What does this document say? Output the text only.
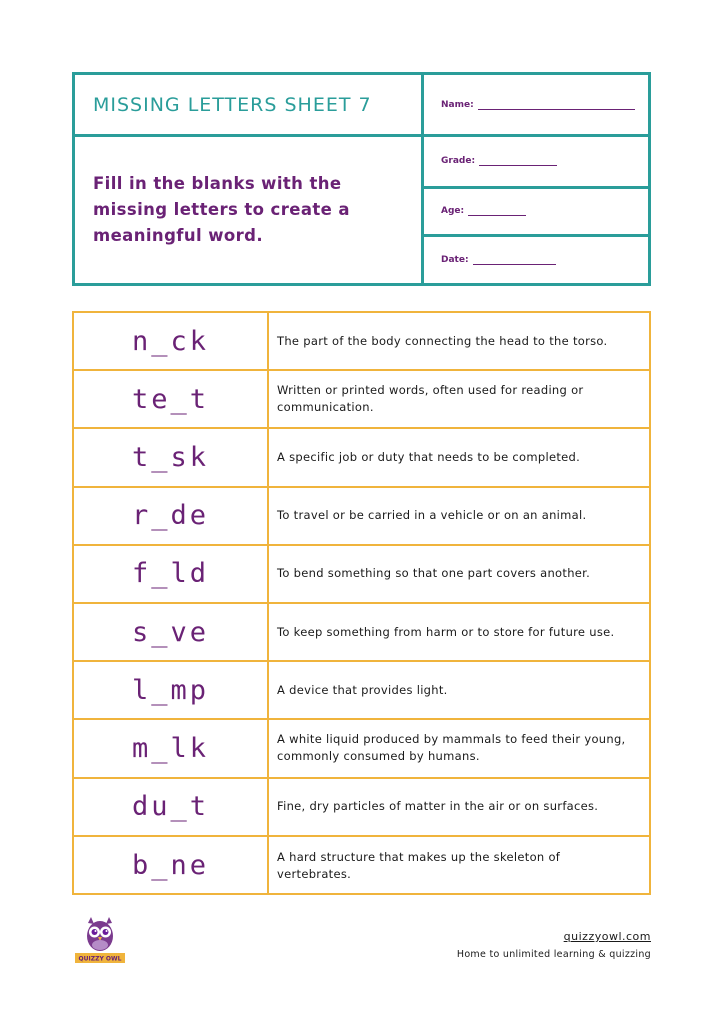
MISSING LETTERS SHEET 7	Name:

Fill in the blanks with the missing letters to create a meaningful word.

Grade:
Age:
Date:
n_ck	The part of the body connecting the head to the torso.
te_t	Written or printed words, often used for reading or communication.
t_sk	A specific job or duty that needs to be completed.
r_de	To travel or be carried in a vehicle or on an animal.
f_ld	To bend something so that one part covers another.
s_ve	To keep something from harm or to store for future use.
l_mp	A device that provides light.
m_lk	A white liquid produced by mammals to feed their young, commonly consumed by humans.
du_t	Fine, dry particles of matter in the air or on surfaces.
b_ne	A hard structure that makes up the skeleton of vertebrates.
QUIZZY OWL
quizzyowl.com
Home to unlimited learning & quizzing
